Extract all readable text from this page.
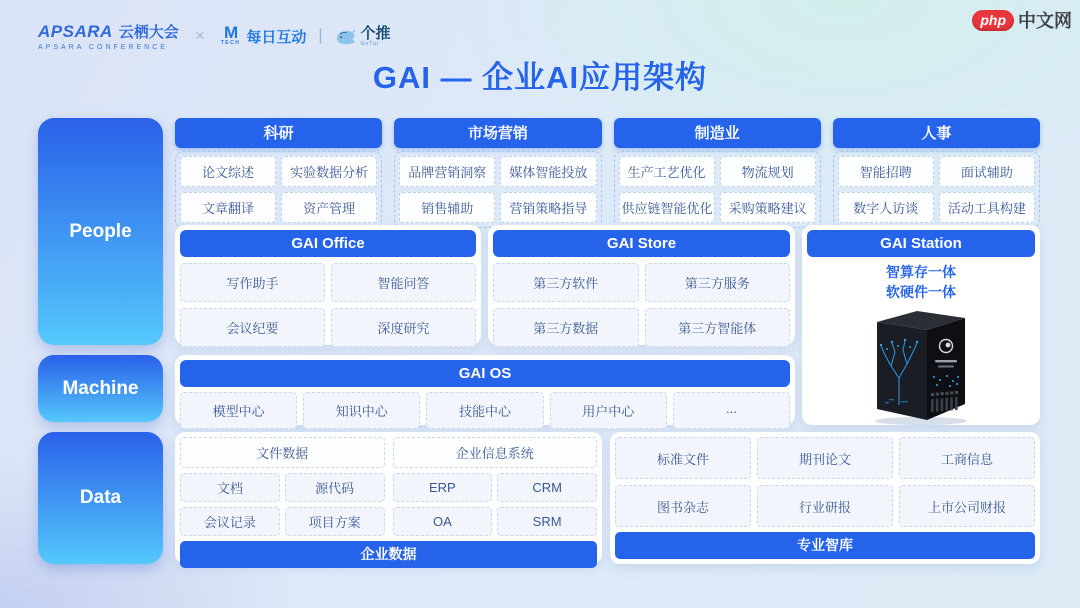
APSARA 云栖大会
APSARA CONFERENCE
× M
TECH 每日互动 |	个推
GeTui
php 中文网
GAI — 企业AI应用架构
People
Machine
Data
科研
论文综述	实验数据分析
文章翻译	资产管理
市场营销
品牌营销洞察	媒体智能投放
销售辅助	营销策略指导
制造业
生产工艺优化	物流规划
供应链智能优化	采购策略建议
人事
智能招聘	面试辅助
数字人访谈	活动工具构建
GAI Office
写作助手	智能问答
会议纪要	深度研究
GAI Store
第三方软件	第三方服务
第三方数据	第三方智能体
GAI Station
智算存一体
软硬件一体
GAI OS
模型中心	知识中心	技能中心	用户中心	...
文件数据
文档	源代码
会议记录	项目方案
企业信息系统
ERP	CRM
OA	SRM
企业数据
标准文件	期刊论文	工商信息
图书杂志	行业研报	上市公司财报
专业智库
